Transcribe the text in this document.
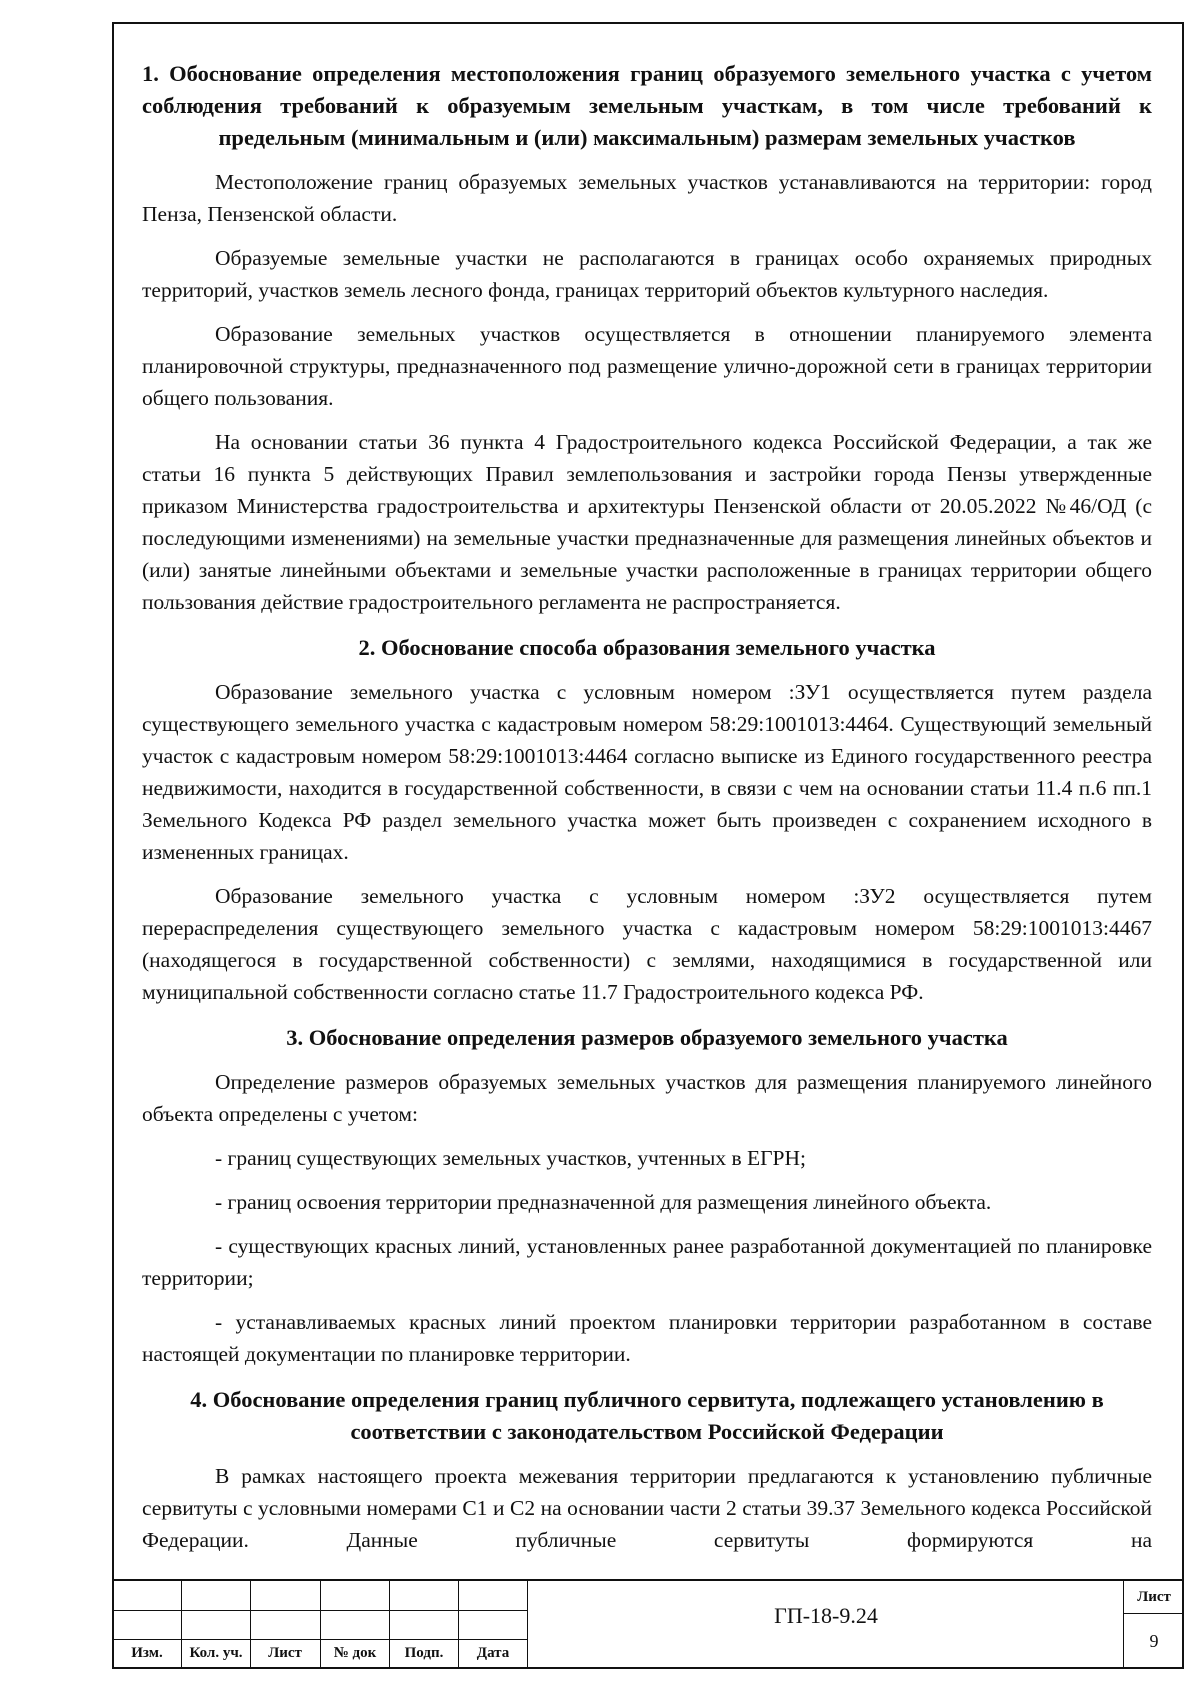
1. Обоснование определения местоположения границ образуемого земельного участка с учетом соблюдения требований к образуемым земельным участкам, в том числе требований к предельным (минимальным и (или) максимальным) размерам земельных участков

Местоположение границ образуемых земельных участков устанавливаются на территории: город Пенза, Пензенской области.

Образуемые земельные участки не располагаются в границах особо охраняемых природных территорий, участков земель лесного фонда, границах территорий объектов культурного наследия.

Образование земельных участков осуществляется в отношении планируемого элемента планировочной структуры, предназначенного под размещение улично-дорожной сети в границах территории общего пользования.

На основании статьи 36 пункта 4 Градостроительного кодекса Российской Федерации, а так же статьи 16 пункта 5 действующих Правил землепользования и застройки города Пензы утвержденные приказом Министерства градостроительства и архитектуры Пензенской области от 20.05.2022 №46/ОД (с последующими изменениями) на земельные участки предназначенные для размещения линейных объектов и (или) занятые линейными объектами и земельные участки расположенные в границах территории общего пользования действие градостроительного регламента не распространяется.

2. Обоснование способа образования земельного участка

Образование земельного участка с условным номером :ЗУ1 осуществляется путем раздела существующего земельного участка с кадастровым номером 58:29:1001013:4464. Существующий земельный участок с кадастровым номером 58:29:1001013:4464 согласно выписке из Единого государственного реестра недвижимости, находится в государственной собственности, в связи с чем на основании статьи 11.4 п.6 пп.1 Земельного Кодекса РФ раздел земельного участка может быть произведен с сохранением исходного в измененных границах.

Образование земельного участка с условным номером :ЗУ2 осуществляется путем перераспределения существующего земельного участка с кадастровым номером 58:29:1001013:4467 (находящегося в государственной собственности) с землями, находящимися в государственной или муниципальной собственности согласно статье 11.7 Градостроительного кодекса РФ.

3. Обоснование определения размеров образуемого земельного участка

Определение размеров образуемых земельных участков для размещения планируемого линейного объекта определены с учетом:

- границ существующих земельных участков, учтенных в ЕГРН;

- границ освоения территории предназначенной для размещения линейного объекта.

- существующих красных линий, установленных ранее разработанной документацией по планировке территории;

- устанавливаемых красных линий проектом планировки территории разработанном в составе настоящей документации по планировке территории.

4. Обоснование определения границ публичного сервитута, подлежащего установлению в соответствии с законодательством Российской Федерации

В рамках настоящего проекта межевания территории предлагаются к установлению публичные сервитуты с условными номерами С1 и С2 на основании части 2 статьи 39.37 Земельного кодекса Российской Федерации. Данные публичные сервитуты формируются на

Изм.	Кол. уч.	Лист	№ док	Подп.	Дата
ГП-18-9.24
Лист
9
